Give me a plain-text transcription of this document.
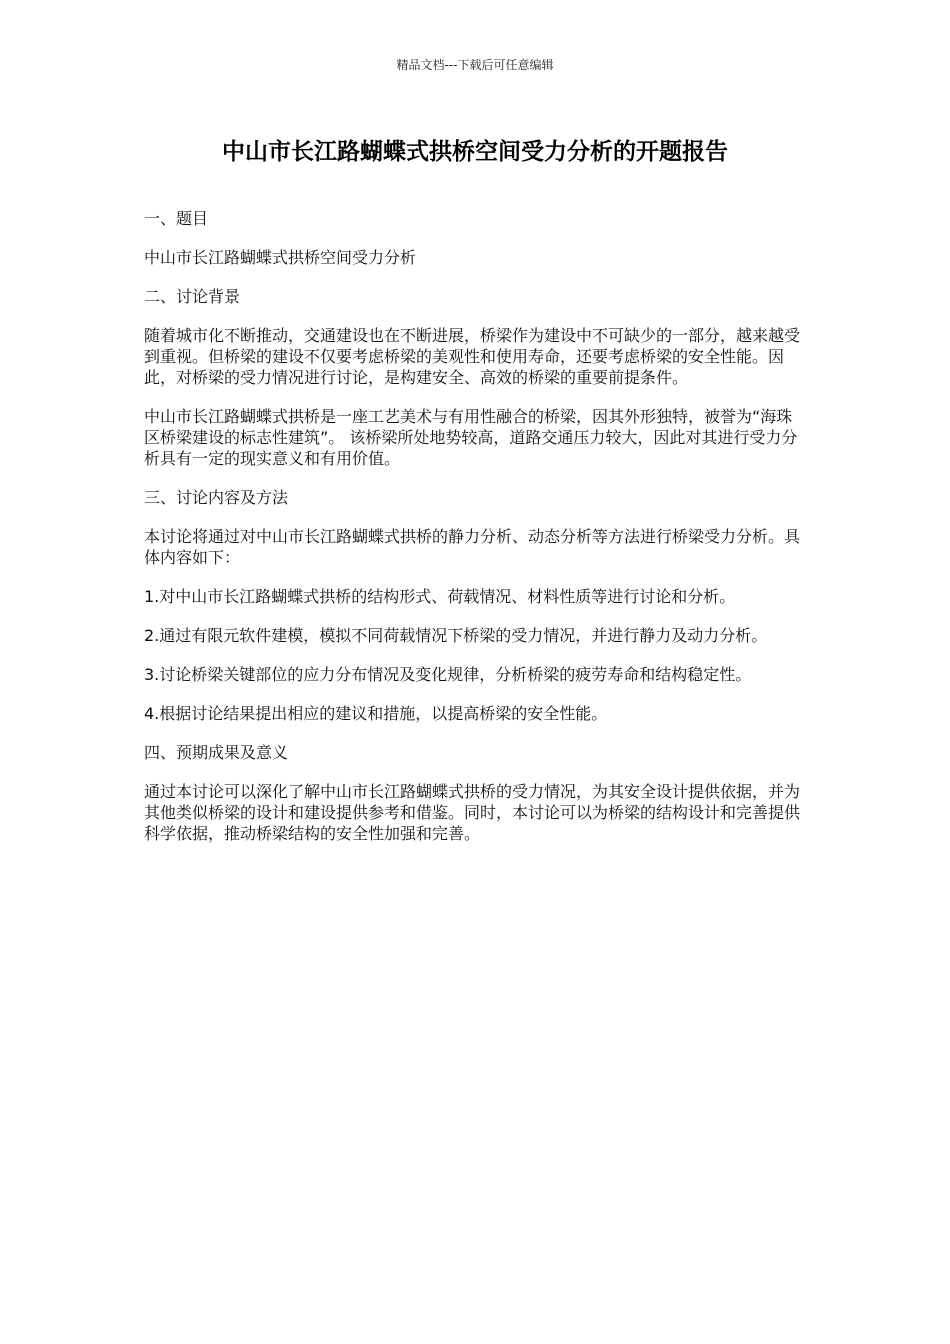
精品文档---下载后可任意编辑
中山市长江路蝴蝶式拱桥空间受力分析的开题报告

一、题目

中山市长江路蝴蝶式拱桥空间受力分析

二、讨论背景

随着城市化不断推动，交通建设也在不断进展，桥梁作为建设中不可缺少的一部分，越来越受到重视。但桥梁的建设不仅要考虑桥梁的美观性和使用寿命，还要考虑桥梁的安全性能。因此，对桥梁的受力情况进行讨论，是构建安全、高效的桥梁的重要前提条件。

中山市长江路蝴蝶式拱桥是一座工艺美术与有用性融合的桥梁，因其外形独特，被誉为“海珠区桥梁建设的标志性建筑”。 该桥梁所处地势较高，道路交通压力较大，因此对其进行受力分析具有一定的现实意义和有用价值。

三、讨论内容及方法

本讨论将通过对中山市长江路蝴蝶式拱桥的静力分析、动态分析等方法进行桥梁受力分析。具体内容如下：

1.对中山市长江路蝴蝶式拱桥的结构形式、荷载情况、材料性质等进行讨论和分析。

2.通过有限元软件建模，模拟不同荷载情况下桥梁的受力情况，并进行静力及动力分析。

3.讨论桥梁关键部位的应力分布情况及变化规律，分析桥梁的疲劳寿命和结构稳定性。

4.根据讨论结果提出相应的建议和措施，以提高桥梁的安全性能。

四、预期成果及意义

通过本讨论可以深化了解中山市长江路蝴蝶式拱桥的受力情况，为其安全设计提供依据，并为其他类似桥梁的设计和建设提供参考和借鉴。同时，本讨论可以为桥梁的结构设计和完善提供科学依据，推动桥梁结构的安全性加强和完善。
